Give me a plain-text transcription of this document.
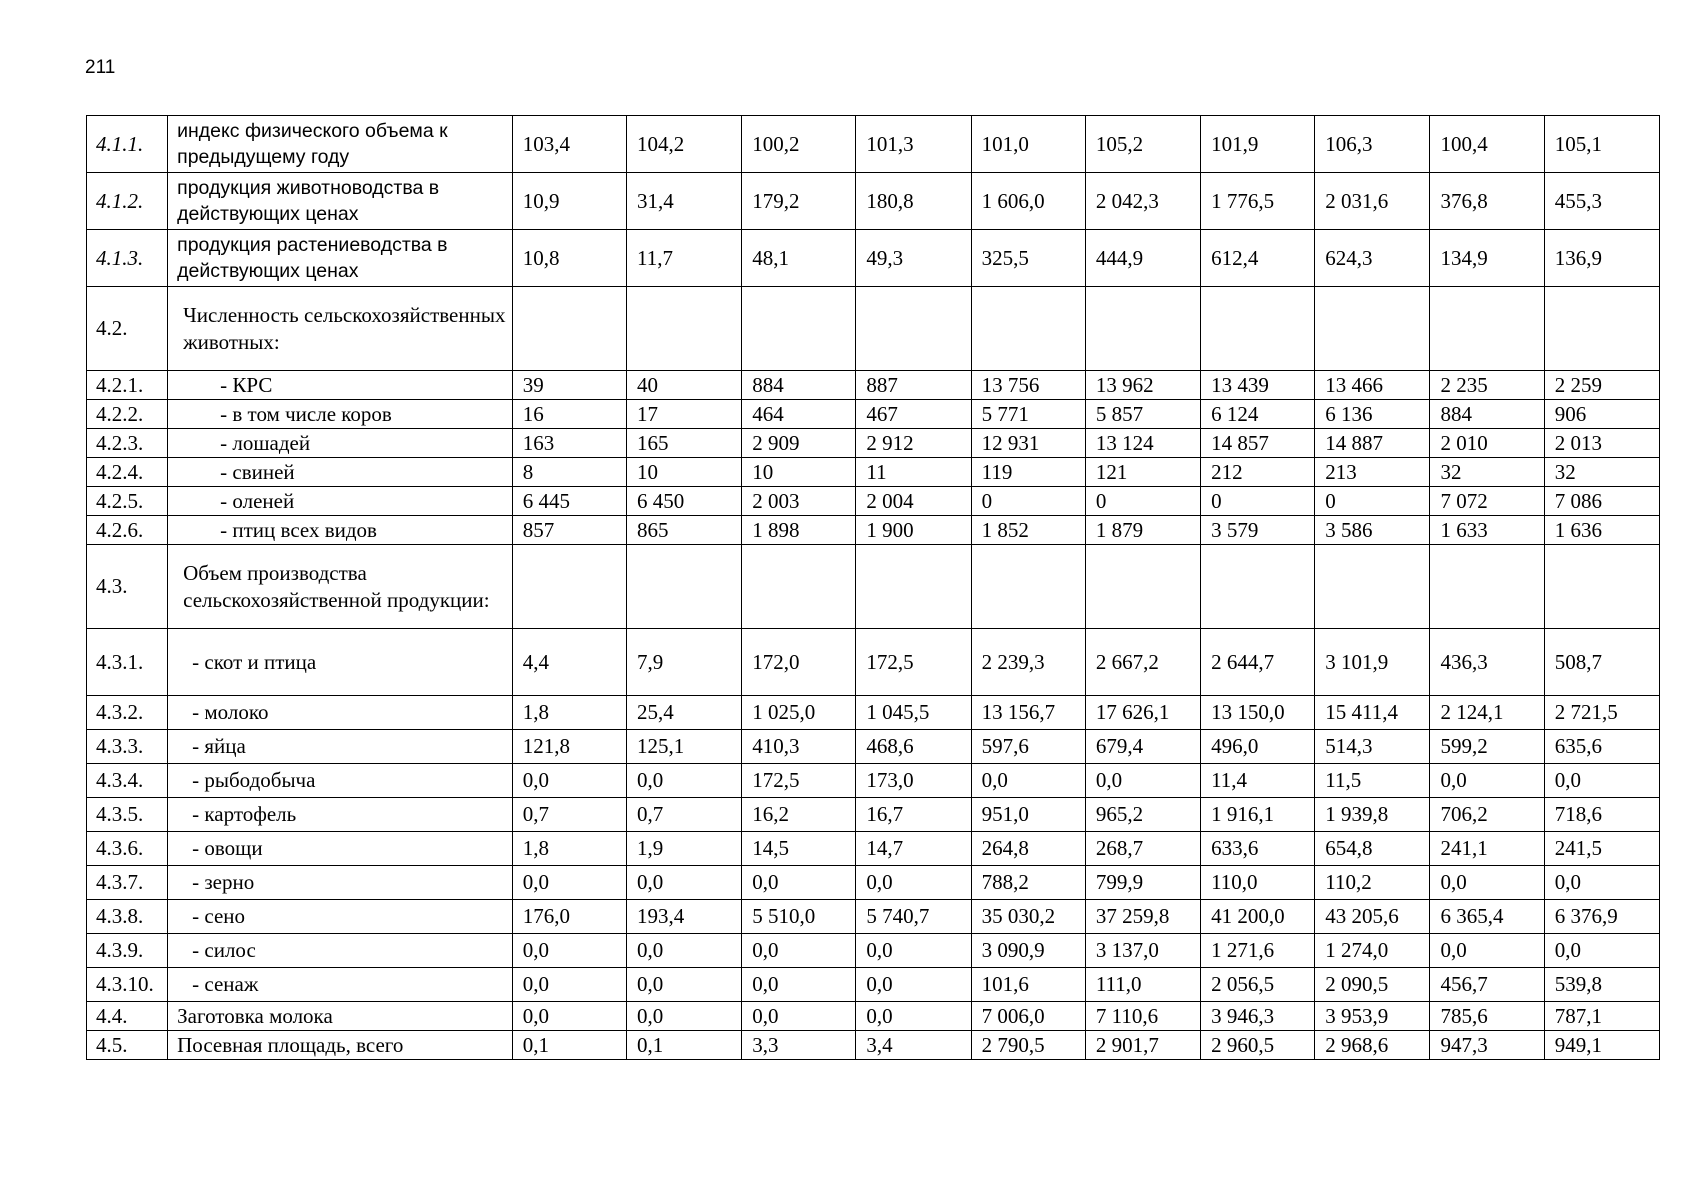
211
4.1.1.	индекс физического объема к предыдущему году	103,4	104,2	100,2	101,3	101,0	105,2	101,9	106,3	100,4	105,1
4.1.2.	продукция животноводства в действующих ценах	10,9	31,4	179,2	180,8	1 606,0	2 042,3	1 776,5	2 031,6	376,8	455,3
4.1.3.	продукция растениеводства в действующих ценах	10,8	11,7	48,1	49,3	325,5	444,9	612,4	624,3	134,9	136,9
4.2.	Численность сельскохозяйственных животных:										
4.2.1.	- КРС	39	40	884	887	13 756	13 962	13 439	13 466	2 235	2 259
4.2.2.	- в том числе коров	16	17	464	467	5 771	5 857	6 124	6 136	884	906
4.2.3.	- лошадей	163	165	2 909	2 912	12 931	13 124	14 857	14 887	2 010	2 013
4.2.4.	- свиней	8	10	10	11	119	121	212	213	32	32
4.2.5.	- оленей	6 445	6 450	2 003	2 004	0	0	0	0	7 072	7 086
4.2.6.	- птиц всех видов	857	865	1 898	1 900	1 852	1 879	3 579	3 586	1 633	1 636
4.3.	Объем производства сельскохозяйственной продукции:										
4.3.1.	- скот и птица	4,4	7,9	172,0	172,5	2 239,3	2 667,2	2 644,7	3 101,9	436,3	508,7
4.3.2.	- молоко	1,8	25,4	1 025,0	1 045,5	13 156,7	17 626,1	13 150,0	15 411,4	2 124,1	2 721,5
4.3.3.	- яйца	121,8	125,1	410,3	468,6	597,6	679,4	496,0	514,3	599,2	635,6
4.3.4.	- рыбодобыча	0,0	0,0	172,5	173,0	0,0	0,0	11,4	11,5	0,0	0,0
4.3.5.	- картофель	0,7	0,7	16,2	16,7	951,0	965,2	1 916,1	1 939,8	706,2	718,6
4.3.6.	- овощи	1,8	1,9	14,5	14,7	264,8	268,7	633,6	654,8	241,1	241,5
4.3.7.	- зерно	0,0	0,0	0,0	0,0	788,2	799,9	110,0	110,2	0,0	0,0
4.3.8.	- сено	176,0	193,4	5 510,0	5 740,7	35 030,2	37 259,8	41 200,0	43 205,6	6 365,4	6 376,9
4.3.9.	- силос	0,0	0,0	0,0	0,0	3 090,9	3 137,0	1 271,6	1 274,0	0,0	0,0
4.3.10.	- сенаж	0,0	0,0	0,0	0,0	101,6	111,0	2 056,5	2 090,5	456,7	539,8
4.4.	Заготовка молока	0,0	0,0	0,0	0,0	7 006,0	7 110,6	3 946,3	3 953,9	785,6	787,1
4.5.	Посевная площадь, всего	0,1	0,1	3,3	3,4	2 790,5	2 901,7	2 960,5	2 968,6	947,3	949,1
